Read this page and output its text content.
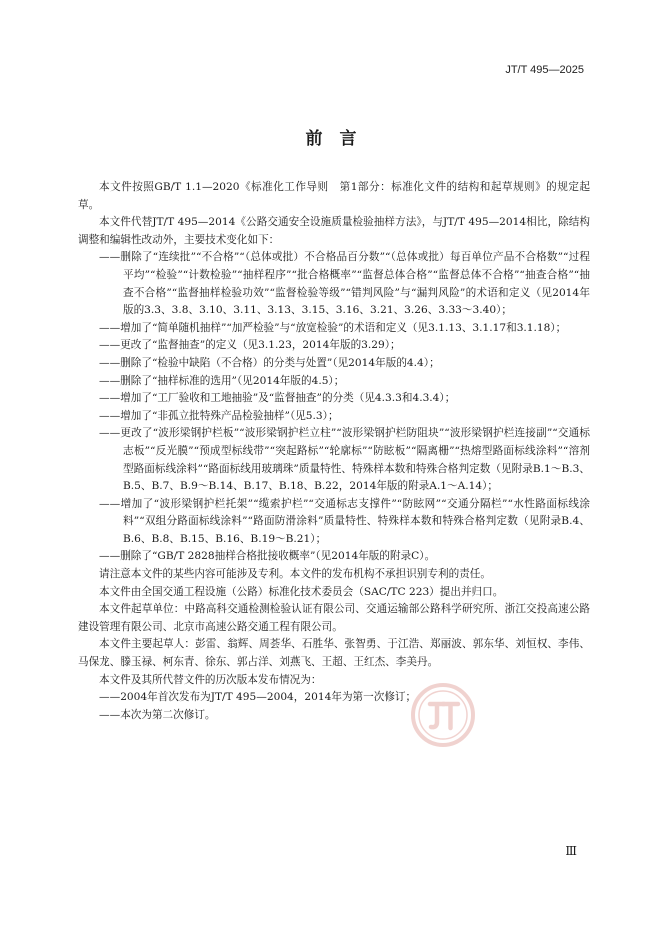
JT/T 495—2025
前　言

本文件按照GB/T 1.1—2020《标准化工作导则　第1部分：标准化文件的结构和起草规则》的规定起草。

本文件代替JT/T 495—2014《公路交通安全设施质量检验抽样方法》，与JT/T 495—2014相比，除结构调整和编辑性改动外，主要技术变化如下：

——删除了“连续批”“不合格”“（总体或批）不合格品百分数”“（总体或批）每百单位产品不合格数”“过程平均”“检验”“计数检验”“抽样程序”“批合格概率”“监督总体合格”“监督总体不合格”“抽查合格”“抽查不合格”“监督抽样检验功效”“监督检验等级”“错判风险”与“漏判风险”的术语和定义（见2014年版的3.3、3.8、3.10、3.11、3.13、3.15、3.16、3.21、3.26、3.33～3.40）；

——增加了“简单随机抽样”“加严检验”与“放宽检验”的术语和定义（见3.1.13、3.1.17和3.1.18）；

——更改了“监督抽查”的定义（见3.1.23，2014年版的3.29）；

——删除了“检验中缺陷（不合格）的分类与处置”（见2014年版的4.4）；

——删除了“抽样标准的选用”（见2014年版的4.5）；

——增加了“工厂验收和工地抽验”及“监督抽查”的分类（见4.3.3和4.3.4）；

——增加了“非孤立批特殊产品检验抽样”（见5.3）；

——更改了“波形梁钢护栏板”“波形梁钢护栏立柱”“波形梁钢护栏防阻块”“波形梁钢护栏连接副”“交通标志板”“反光膜”“预成型标线带”“突起路标”“轮廓标”“防眩板”“隔离栅”“热熔型路面标线涂料”“溶剂型路面标线涂料”“路面标线用玻璃珠”质量特性、特殊样本数和特殊合格判定数（见附录B.1～B.3、B.5、B.7、B.9～B.14、B.17、B.18、B.22，2014年版的附录A.1～A.14）；

——增加了“波形梁钢护栏托架”“缆索护栏”“交通标志支撑件”“防眩网”“交通分隔栏”“水性路面标线涂料”“双组分路面标线涂料”“路面防滑涂料”质量特性、特殊样本数和特殊合格判定数（见附录B.4、B.6、B.8、B.15、B.16、B.19～B.21）；

——删除了“GB/T 2828抽样合格批接收概率”（见2014年版的附录C）。

请注意本文件的某些内容可能涉及专利。本文件的发布机构不承担识别专利的责任。

本文件由全国交通工程设施（公路）标准化技术委员会（SAC/TC 223）提出并归口。

本文件起草单位：中路高科交通检测检验认证有限公司、交通运输部公路科学研究所、浙江交投高速公路建设管理有限公司、北京市高速公路交通工程有限公司。

本文件主要起草人：彭雷、翁辉、周荟华、石胜华、张智勇、于江浩、郑丽波、郭东华、刘恒权、李伟、马保龙、滕玉禄、柯东青、徐东、郭占洋、刘燕飞、王超、王红杰、李美丹。

本文件及其所代替文件的历次版本发布情况为：

——2004年首次发布为JT/T 495—2004，2014年为第一次修订；

——本次为第二次修订。

Ⅲ
